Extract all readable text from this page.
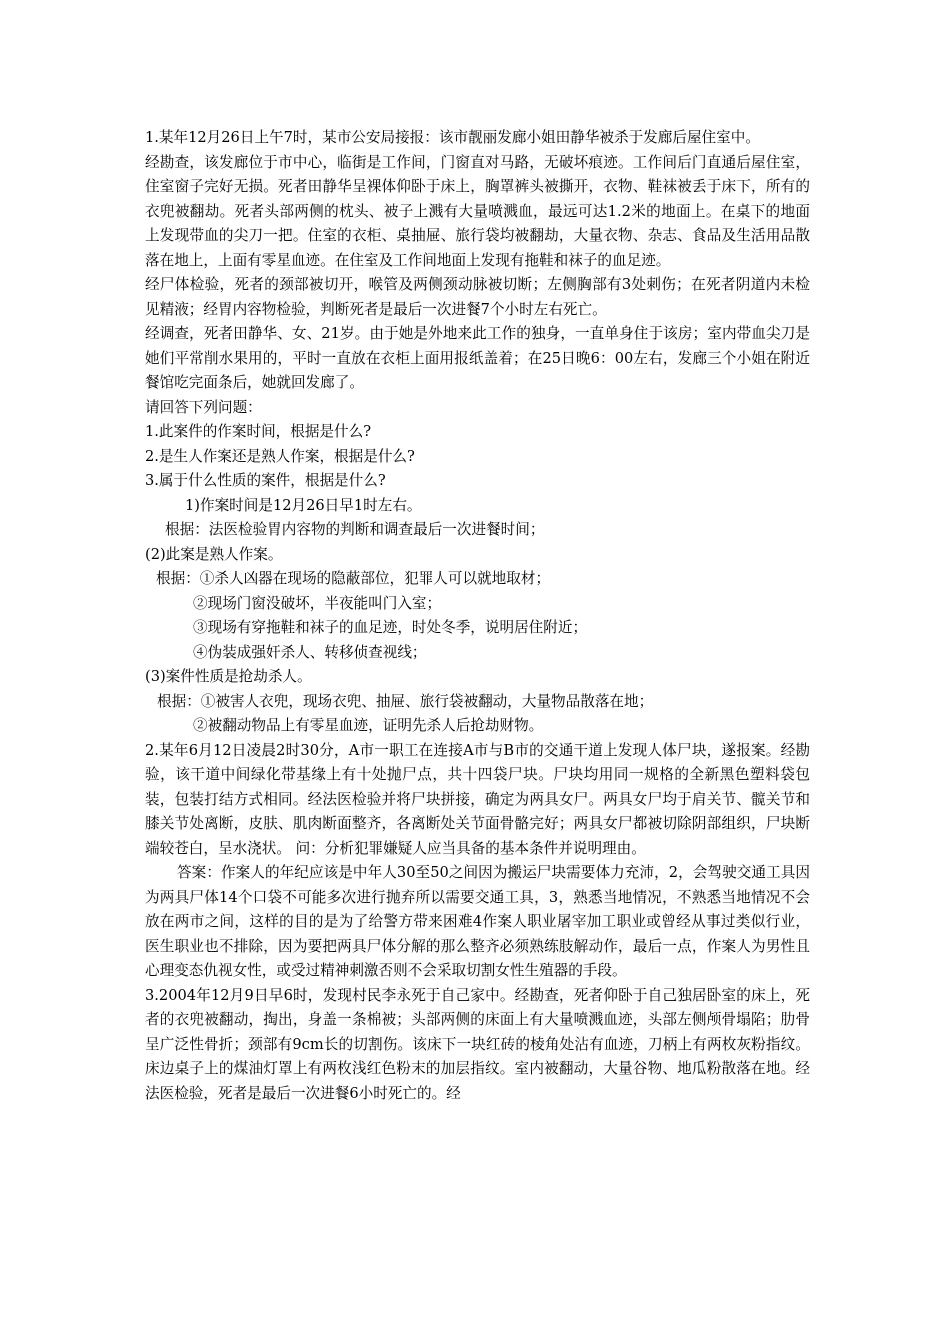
1.某年12月26日上午7时，某市公安局接报：该市靓丽发廊小姐田静华被杀于发廊后屋住室中。

经勘查，该发廊位于市中心，临街是工作间，门窗直对马路，无破坏痕迹。工作间后门直通后屋住室，住室窗子完好无损。死者田静华呈裸体仰卧于床上，胸罩裤头被撕开，衣物、鞋袜被丢于床下，所有的衣兜被翻劫。死者头部两侧的枕头、被子上溅有大量喷溅血，最远可达1.2米的地面上。在桌下的地面上发现带血的尖刀一把。住室的衣柜、桌抽屉、旅行袋均被翻劫，大量衣物、杂志、食品及生活用品散落在地上，上面有零星血迹。在住室及工作间地面上发现有拖鞋和袜子的血足迹。

经尸体检验，死者的颈部被切开，喉管及两侧颈动脉被切断；左侧胸部有3处刺伤；在死者阴道内未检见精液；经胃内容物检验，判断死者是最后一次进餐7个小时左右死亡。

经调查，死者田静华、女、21岁。由于她是外地来此工作的独身，一直单身住于该房；室内带血尖刀是她们平常削水果用的，平时一直放在衣柜上面用报纸盖着；在25日晚6：00左右，发廊三个小姐在附近餐馆吃完面条后，她就回发廊了。

请回答下列问题：

1.此案件的作案时间，根据是什么?

2.是生人作案还是熟人作案，根据是什么?

3.属于什么性质的案件，根据是什么?

1)作案时间是12月26日早1时左右。

根据：法医检验胃内容物的判断和调查最后一次进餐时间；

(2)此案是熟人作案。

根据：①杀人凶器在现场的隐蔽部位，犯罪人可以就地取材；

②现场门窗没破坏，半夜能叫门入室；

③现场有穿拖鞋和袜子的血足迹，时处冬季，说明居住附近；

④伪装成强奸杀人、转移侦查视线；

(3)案件性质是抢劫杀人。

根据：①被害人衣兜，现场衣兜、抽屉、旅行袋被翻动，大量物品散落在地；

②被翻动物品上有零星血迹，证明先杀人后抢劫财物。

2.某年6月12日凌晨2时30分，A市一职工在连接A市与B市的交通干道上发现人体尸块，遂报案。经勘验，该干道中间绿化带基缘上有十处抛尸点，共十四袋尸块。尸块均用同一规格的全新黑色塑料袋包装，包装打结方式相同。经法医检验并将尸块拼接，确定为两具女尸。两具女尸均于肩关节、髋关节和膝关节处离断，皮肤、肌肉断面整齐，各离断处关节面骨骼完好；两具女尸都被切除阴部组织，尸块断端较苍白，呈水浇状。 问：分析犯罪嫌疑人应当具备的基本条件并说明理由。

答案：作案人的年纪应该是中年人30至50之间因为搬运尸块需要体力充沛，2，会驾驶交通工具因为两具尸体14个口袋不可能多次进行抛弃所以需要交通工具，3，熟悉当地情况，不熟悉当地情况不会放在两市之间，这样的目的是为了给警方带来困难4作案人职业屠宰加工职业或曾经从事过类似行业，医生职业也不排除，因为要把两具尸体分解的那么整齐必须熟练肢解动作，最后一点，作案人为男性且心理变态仇视女性，或受过精神刺激否则不会采取切割女性生殖器的手段。

3.2004年12月9日早6时，发现村民李永死于自己家中。经勘查，死者仰卧于自己独居卧室的床上，死者的衣兜被翻动，掏出，身盖一条棉被；头部两侧的床面上有大量喷溅血迹，头部左侧颅骨塌陷；肋骨呈广泛性骨折；颈部有9cm长的切割伤。该床下一块红砖的棱角处沾有血迹，刀柄上有两枚灰粉指纹。床边桌子上的煤油灯罩上有两枚浅红色粉末的加层指纹。室内被翻动，大量谷物、地瓜粉散落在地。经法医检验，死者是最后一次进餐6小时死亡的。经
